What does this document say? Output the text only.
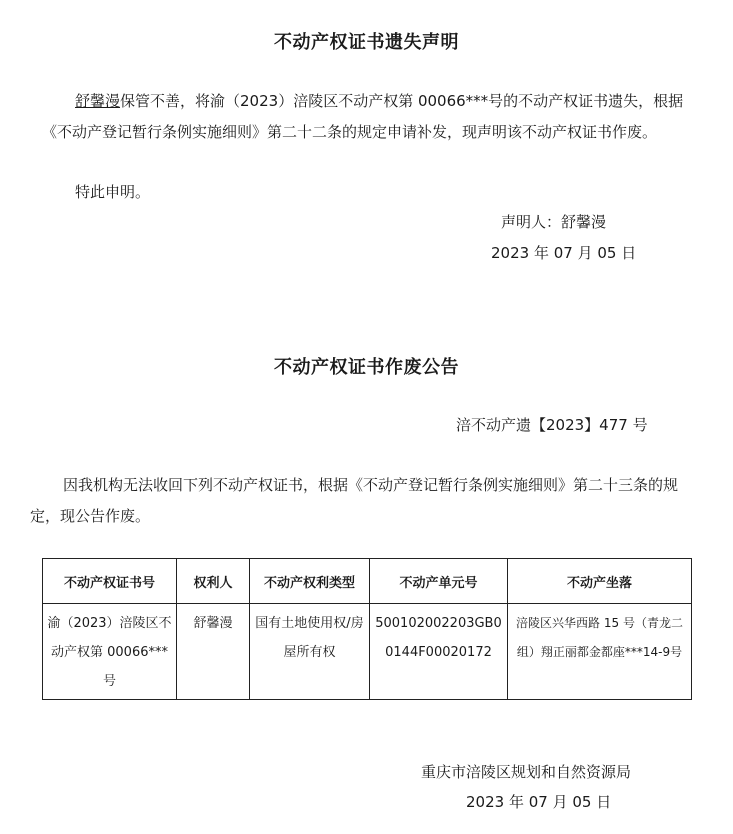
不动产权证书遗失声明

舒馨漫保管不善，将渝（2023）涪陵区不动产权第 00066***号的不动产权证书遗失，根据《不动产登记暂行条例实施细则》第二十二条的规定申请补发，现声明该不动产权证书作废。

特此申明。
声明人：舒馨漫
2023 年 07 月 05 日
不动产权证书作废公告
涪不动产遗【2023】477 号

因我机构无法收回下列不动产权证书，根据《不动产登记暂行条例实施细则》第二十三条的规定，现公告作废。

不动产权证书号	权利人	不动产权利类型	不动产单元号	不动产坐落
渝（2023）涪陵区不动产权第 00066***号	舒馨漫	国有土地使用权/房屋所有权	500102002203GB00144F00020172	涪陵区兴华西路 15 号（青龙二组）翔正丽都金都座***14-9号
重庆市涪陵区规划和自然资源局
2023 年 07 月 05 日
